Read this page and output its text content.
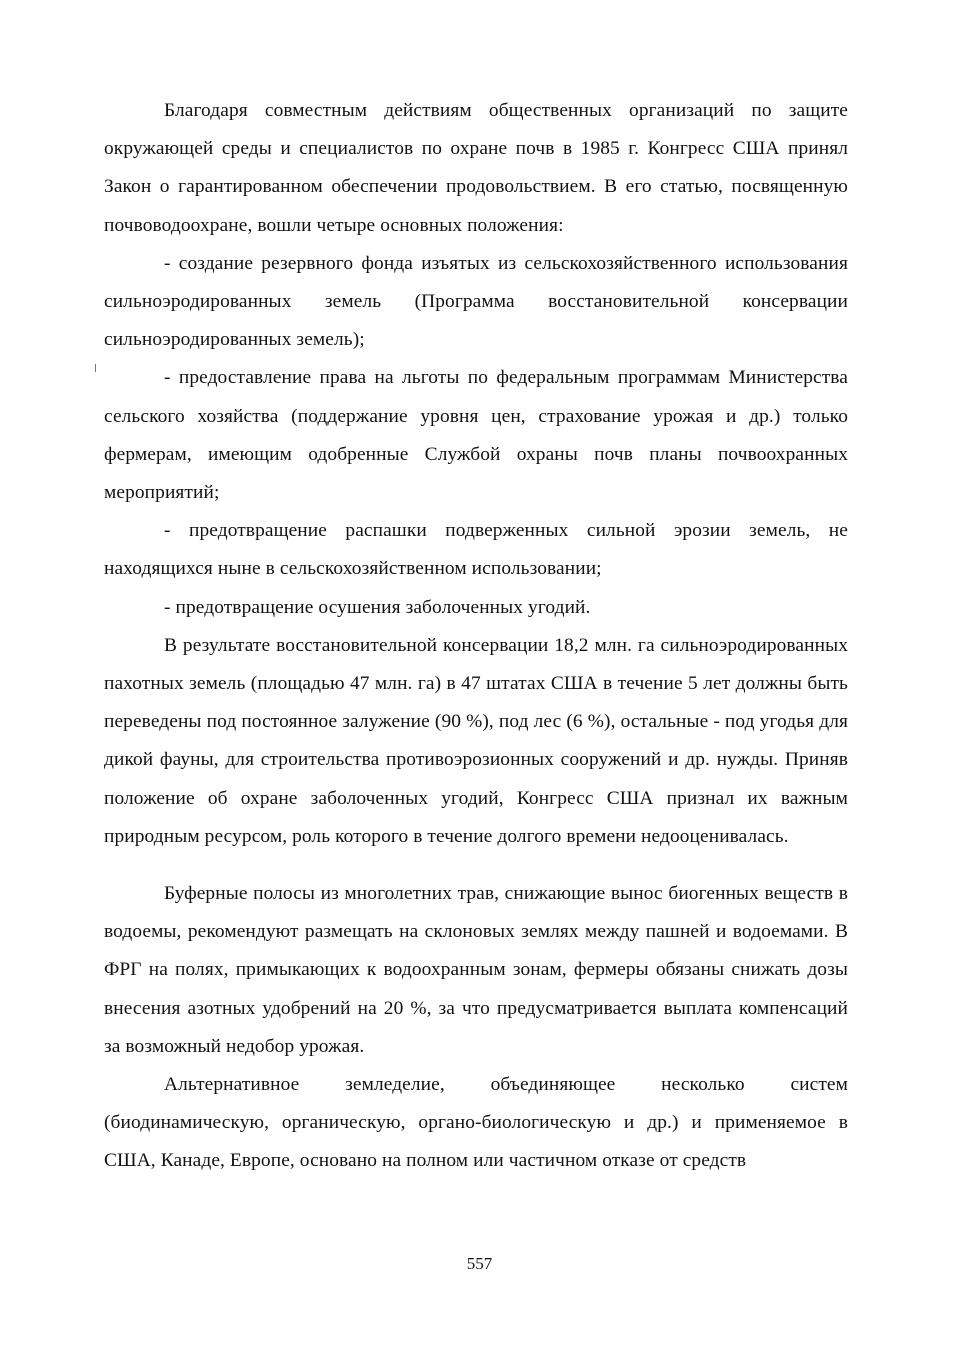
Благодаря совместным действиям общественных организаций по защите окружающей среды и специалистов по охране почв в 1985 г. Конгресс США принял Закон о гарантированном обеспечении продовольствием. В его статью, посвященную почвоводоохране, вошли четыре основных положения:

- создание резервного фонда изъятых из сельскохозяйственного использования сильноэродированных земель (Программа восстановительной консервации сильноэродированных земель);

- предоставление права на льготы по федеральным программам Министерства сельского хозяйства (поддержание уровня цен, страхование урожая и др.) только фермерам, имеющим одобренные Службой охраны почв планы почвоохранных мероприятий;

- предотвращение распашки подверженных сильной эрозии земель, не находящихся ныне в сельскохозяйственном использовании;

- предотвращение осушения заболоченных угодий.

В результате восстановительной консервации 18,2 млн. га сильноэродированных пахотных земель (площадью 47 млн. га) в 47 штатах США в течение 5 лет должны быть переведены под постоянное залужение (90 %), под лес (6 %), остальные - под угодья для дикой фауны, для строительства противоэрозионных сооружений и др. нужды. Приняв положение об охране заболоченных угодий, Конгресс США признал их важным природным ресурсом, роль которого в течение долгого времени недооценивалась.

Буферные полосы из многолетних трав, снижающие вынос биогенных веществ в водоемы, рекомендуют размещать на склоновых землях между пашней и водоемами. В ФРГ на полях, примыкающих к водоохранным зонам, фермеры обязаны снижать дозы внесения азотных удобрений на 20 %, за что предусматривается выплата компенсаций за возможный недобор урожая.

Альтернативное земледелие, объединяющее несколько систем (биодинамическую, органическую, органо-биологическую и др.) и применяемое в США, Канаде, Европе, основано на полном или частичном отказе от средств

557
